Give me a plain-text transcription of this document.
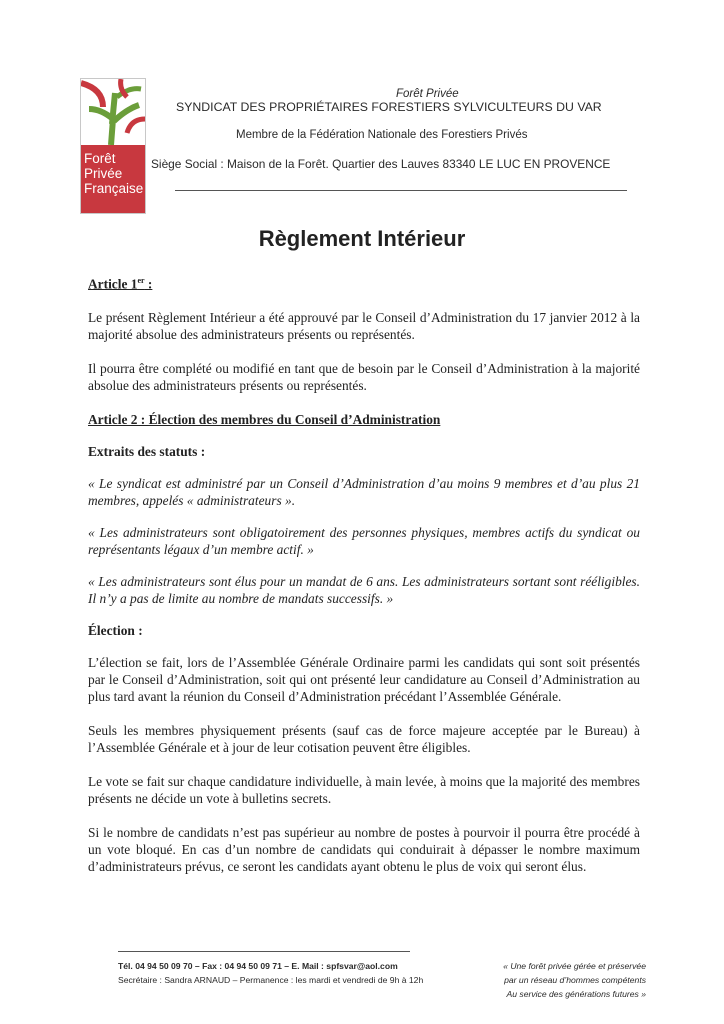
Forêt
Privée
Française
Forêt Privée
SYNDICAT DES PROPRIÉTAIRES FORESTIERS SYLVICULTEURS DU VAR
Membre de la Fédération Nationale des Forestiers Privés
Siège Social : Maison de la Forêt. Quartier des Lauves 83340 LE LUC EN PROVENCE
Règlement Intérieur

Article 1er :

Le présent Règlement Intérieur a été approuvé par le Conseil d’Administration du 17 janvier 2012 à la majorité absolue des administrateurs présents ou représentés.

Il pourra être complété ou modifié en tant que de besoin par le Conseil d’Administration à la majorité absolue des administrateurs présents ou représentés.

Article 2 : Élection des membres du Conseil d’Administration

Extraits des statuts :

« Le syndicat est administré par un Conseil d’Administration d’au moins 9 membres et d’au plus 21 membres, appelés « administrateurs ».

« Les administrateurs sont obligatoirement des personnes physiques, membres actifs du syndicat ou représentants légaux d’un membre actif. »

« Les administrateurs sont élus pour un mandat de 6 ans. Les administrateurs sortant sont rééligibles. Il n’y a pas de limite au nombre de mandats successifs. »

Élection :

L’élection se fait, lors de l’Assemblée Générale Ordinaire parmi les candidats qui sont soit présentés par le Conseil d’Administration, soit qui ont présenté leur candidature au Conseil d’Administration au plus tard avant la réunion du Conseil d’Administration précédant l’Assemblée Générale.

Seuls les membres physiquement présents (sauf cas de force majeure acceptée par le Bureau) à l’Assemblée Générale et à jour de leur cotisation peuvent être éligibles.

Le vote se fait sur chaque candidature individuelle, à main levée, à moins que la majorité des membres présents ne décide un vote à bulletins secrets.

Si le nombre de candidats n’est pas supérieur au nombre de postes à pourvoir il pourra être procédé à un vote bloqué. En cas d’un nombre de candidats qui conduirait à dépasser le nombre maximum d’administrateurs prévus, ce seront les candidats ayant obtenu le plus de voix qui seront élus.

Tél. 04 94 50 09 70 – Fax : 04 94 50 09 71 – E. Mail : spfsvar@aol.com
Secrétaire : Sandra ARNAUD – Permanence : les mardi et vendredi de 9h à 12h
« Une forêt privée gérée et préservée
par un réseau d’hommes compétents
Au service des générations futures »
